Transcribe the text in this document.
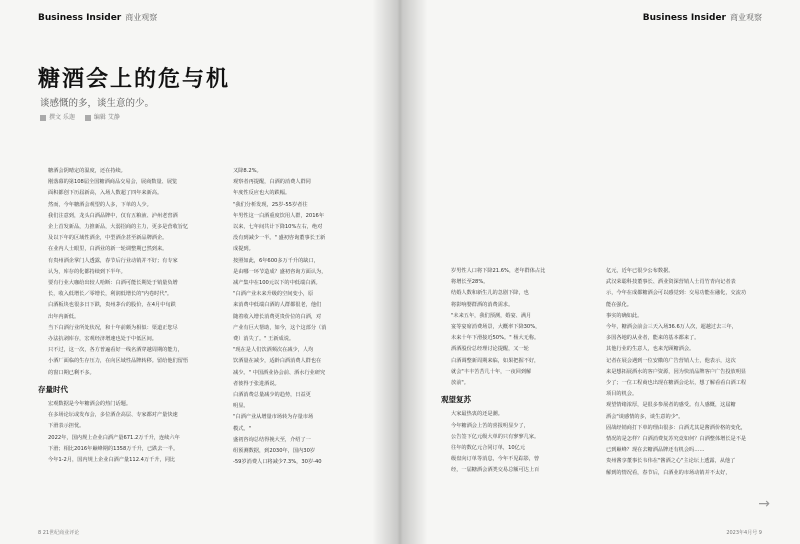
Business Insider 商业观察
糖酒会上的危与机
谈感慨的多，谈生意的少。
撰文 乐迦	编辑 艾静

糖酒会阴晴定的温度，还在持续。

刚落幕的第108届全国糖酒商品交易会，展商数量、展览

面积都创下历届新高，入场人数超了四年来新高。

然而，今年糖酒会观望的人多，下单的人少。

我们注意到，龙头白酒品牌中，仅有五粮液、泸州老窖酒

企上首发新品，力推新品，大弱招商的主力，更多是营收旨忆

及以下年的区域性酒企，中型酒企甚至新品牌酒企。

在业内人士眼里，白酒业的新一轮调整期已然到来。

有贵州酒企掌门人透露，春节后行业动销并不好；有专家

认为，库存的化都持续到下半年。

要有行业大咖给出较人哈断：白酒可能长期处于销量负增

长，收入低增长／零增长，利润低增长的"内卷时代"。

白酒板块也很多日下跌，贵州茅台的股价，在4月中旬跌

出年内新低。

当下白酒行业所处状况，和十年前颇为相似：渠道正您尽

办法抗剥库存，宏观经济增速也处于中低区间。

只不过，这一次，各方普遍看好一线名酒穿越周期的能力，

小酒厂面临的生存压力，在向区域性品牌转移。留给他们留悟

的窗口期已剩不多。

存量时代

宏观数据是今年糖酒会的热门话题。

在多场论坛或发布会，多位酒企高层、专家都对产量快速

下滑表示担忧。

2022年，国内规上企业白酒产量671.2万千升，连续六年

下滑；相比2016年巅峰期的1358万千升，已跌去一半。

今年1-2月，国内规上企业白酒产量112.4万千升，同比

又降8.2%。

观察者再提醒，白酒的消费人群同

年度性反应也大的跌幅。

"我们分析发现，25岁-55岁者往

年男性这一白酒重度饮用人群，2016年

以来，七年间共计下降10%左右，绝对

没有到减少一半。" 盛初咨询董事长王新

成提到。

按照如此，6年600多万千升的缺口，

是由哪一环节造成？盛初咨询方面认为，

减产集中在100元以下的中低端白酒。

"白酒产业未来升级的空间变小，原

来消费中低端白酒的人群都很老，他们

随着收入增长消费更贵价位的白酒，对

产业有巨大帮助，如今，这个这部分（消

费）消失了。" 王新成说。

"现在是人们饮酒频次在减少，人均

饮酒量在减少，适龄白酒消费人群也在

减少。" 中国酒业协会前、酒水行业研究

者彼得于张进酒说。

白酒消费总量减少的趋势，日益更

明显。

"白酒产业从增量市场转为存量市场

模式。"

盛初咨询总结得挽大至，介绍了一

组预测数据，到2030年，国内30岁

-59岁消费人口将减少7.3%，30岁-40

8 21世纪商业评论
Business Insider 商业观察

岁男性人口将下降21.6%，老年群体占比

将增长至28%。

结婚人数和新生儿的急剧下降，也

将影响婴群酒的消费需求。

"未来五年，我们预测，婚宴、满月

宴等宴席消费场景，大概率下降30%，

未来十年下滑接近50%。" 杨大无称。

酒酒股份总经理讨论提醒，又一轮

白酒调整新周期来临，如果把握不好，

就会"丰丰苦苦几十年，一夜回到解

放前"。

观望复苏

大家最热衷的还是潮。

今年糖酒会上苦的喜报明显少了，

公告签下亿元级大单的只有寥寥几家。

往年的数亿元合同订单，10亿元

级盘向订单等消息，今年不见踪影，曾

经，一届糖酒会酒类交易总额可达上百

亿元，近年已很少公布数据。

武汉荣聪科技董事长、酒业资深营销人士肖竹青向记者表

示，今年在成都糖酒会可以感觉到：交易功能在融化，交流功

能在强化。

事实的确如此。

今年，糖酒会前会三天入场36.6万人次，超越过去三年，

多国各地的从业者，能来的基本都来了。

其他行业的生意人，也来光顾糖酒会。

记者在展会遇到一位安徽的广告营销人士，他表示，这次

来是想拓展酒水的客户资源，因为快消品牌客户广告投放明显

少了；一位工程商也出现在糖酒会论坛，想了解看看白酒工程

项目的机会。

观望情绪浓厚，是很多参展者的感受。有人感慨，这届糖

酒会"谈感情的多，谈生意的少"。

固战经销商打下单的理由很多：白酒尤其是酱酒价格的变化，

情况的是怎样？白酒消费复苏究竟如何？白酒整体增长是不是

已到巅峰？现在去糖酒品牌还有机会吗……

贵州酱享董事长韦伟在"酱酒之心"主论坛上透露，从他了

解到的情况看，春节后，白酒业的市场动销并不太好，

→
2023年4月号 9
